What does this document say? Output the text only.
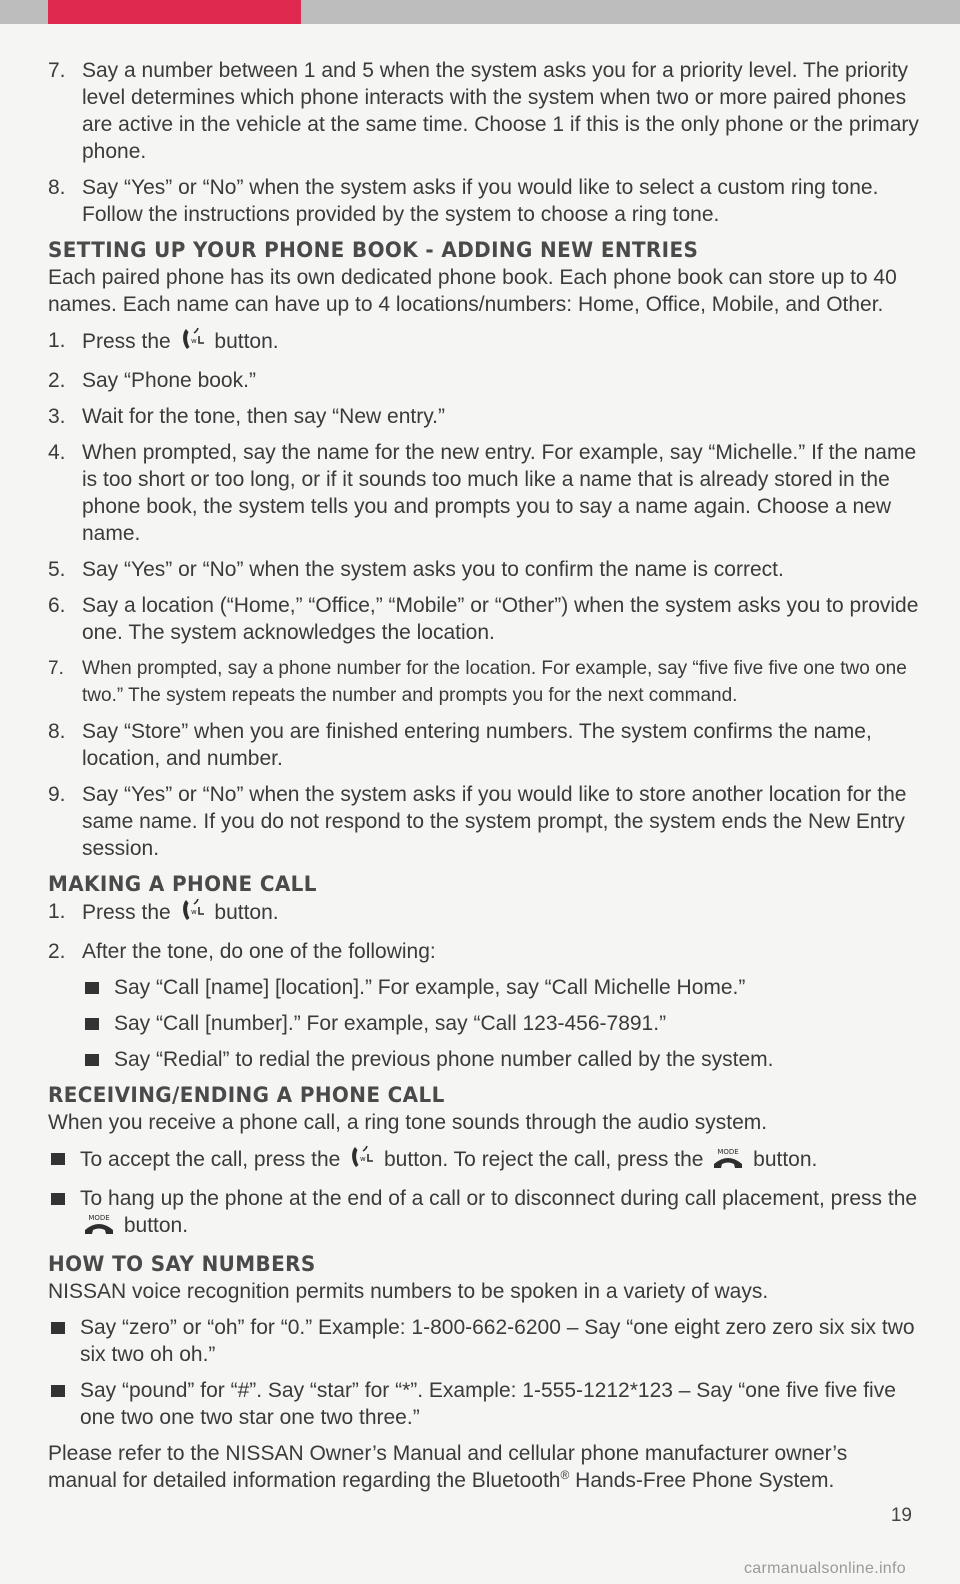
7. Say a number between 1 and 5 when the system asks you for a priority level. The priority level determines which phone interacts with the system when two or more paired phones are active in the vehicle at the same time. Choose 1 if this is the only phone or the primary phone.
8. Say “Yes” or “No” when the system asks if you would like to select a custom ring tone. Follow the instructions provided by the system to choose a ring tone.
SETTING UP YOUR PHONE BOOK - ADDING NEW ENTRIES
Each paired phone has its own dedicated phone book. Each phone book can store up to 40 names. Each name can have up to 4 locations/numbers: Home, Office, Mobile, and Other.
1. Press the	w button.
2. Say “Phone book.”
3. Wait for the tone, then say “New entry.”
4. When prompted, say the name for the new entry. For example, say “Michelle.” If the name is too short or too long, or if it sounds too much like a name that is already stored in the phone book, the system tells you and prompts you to say a name again. Choose a new name.
5. Say “Yes” or “No” when the system asks you to confirm the name is correct.
6. Say a location (“Home,” “Office,” “Mobile” or “Other”) when the system asks you to provide one. The system acknowledges the location.
7. When prompted, say a phone number for the location. For example, say “five five five one two one two.” The system repeats the number and prompts you for the next command.
8. Say “Store” when you are finished entering numbers. The system confirms the name, location, and number.
9. Say “Yes” or “No” when the system asks if you would like to store another location for the same name. If you do not respond to the system prompt, the system ends the New Entry session.
MAKING A PHONE CALL
1. Press the	w button.
2. After the tone, do one of the following:
Say “Call [name] [location].” For example, say “Call Michelle Home.”
Say “Call [number].” For example, say “Call 123-456-7891.”
Say “Redial” to redial the previous phone number called by the system.
RECEIVING/ENDING A PHONE CALL
When you receive a phone call, a ring tone sounds through the audio system.
To accept the call, press the	w button. To reject the call, press the MODE button.
To hang up the phone at the end of a call or to disconnect during call placement, press the
MODE button.
HOW TO SAY NUMBERS
NISSAN voice recognition permits numbers to be spoken in a variety of ways.
Say “zero” or “oh” for “0.” Example: 1-800-662-6200 – Say “one eight zero zero six six two six two oh oh.”
Say “pound” for “#”. Say “star” for “*”. Example: 1-555-1212*123 – Say “one five five five one two one two star one two three.”
Please refer to the NISSAN Owner’s Manual and cellular phone manufacturer owner’s manual for detailed information regarding the Bluetooth® Hands-Free Phone System.
19
carmanualsonline.info
